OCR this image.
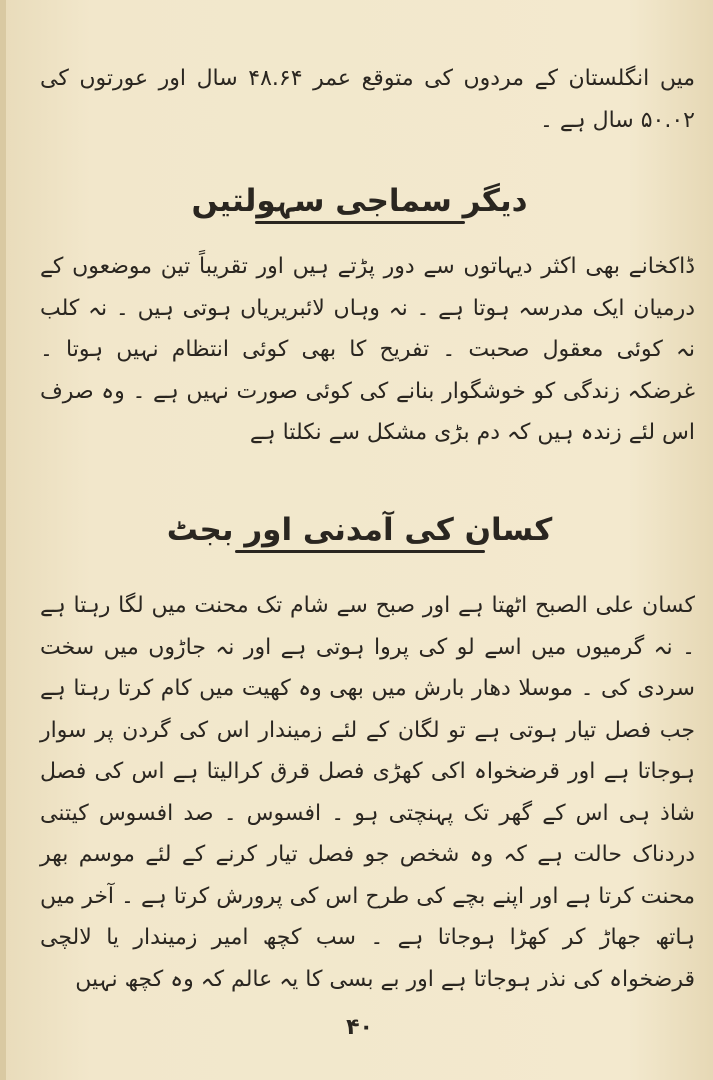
میں انگلستان کے مردوں کی متوقع عمر ۴۸.۶۴ سال اور عورتوں کی ۵۰.۰۲ سال ہے ۔

دیگر سماجی سہولتیں

ڈاکخانے بھی اکثر دیہاتوں سے دور پڑتے ہیں اور تقریباً تین موضعوں کے درمیان ایک مدرسہ ہوتا ہے ۔ نہ وہاں لائبریریاں ہوتی ہیں ۔ نہ کلب نہ کوئی معقول صحبت ۔ تفریح کا بھی کوئی انتظام نہیں ہوتا ۔ غرضکہ زندگی کو خوشگوار بنانے کی کوئی صورت نہیں ہے ۔ وہ صرف اس لئے زندہ ہیں کہ دم بڑی مشکل سے نکلتا ہے

کسان کی آمدنی اور بجٹ

کسان علی الصبح اٹھتا ہے اور صبح سے شام تک محنت میں لگا رہتا ہے ۔ نہ گرمیوں میں اسے لو کی پروا ہوتی ہے اور نہ جاڑوں میں سخت سردی کی ۔ موسلا دھار بارش میں بھی وہ کھیت میں کام کرتا رہتا ہے جب فصل تیار ہوتی ہے تو لگان کے لئے زمیندار اس کی گردن پر سوار ہوجاتا ہے اور قرضخواہ اکی کھڑی فصل قرق کرالیتا ہے اس کی فصل شاذ ہی اس کے گھر تک پہنچتی ہو ۔ افسوس ۔ صد افسوس کیتنی دردناک حالت ہے کہ وہ شخص جو فصل تیار کرنے کے لئے موسم بھر محنت کرتا ہے اور اپنے بچے کی طرح اس کی پرورش کرتا ہے ۔ آخر میں ہاتھ جھاڑ کر کھڑا ہوجاتا ہے ۔ سب کچھ امیر زمیندار یا لالچی قرضخواہ کی نذر ہوجاتا ہے اور بے بسی کا یہ عالم کہ وہ کچھ نہیں

۴۰
